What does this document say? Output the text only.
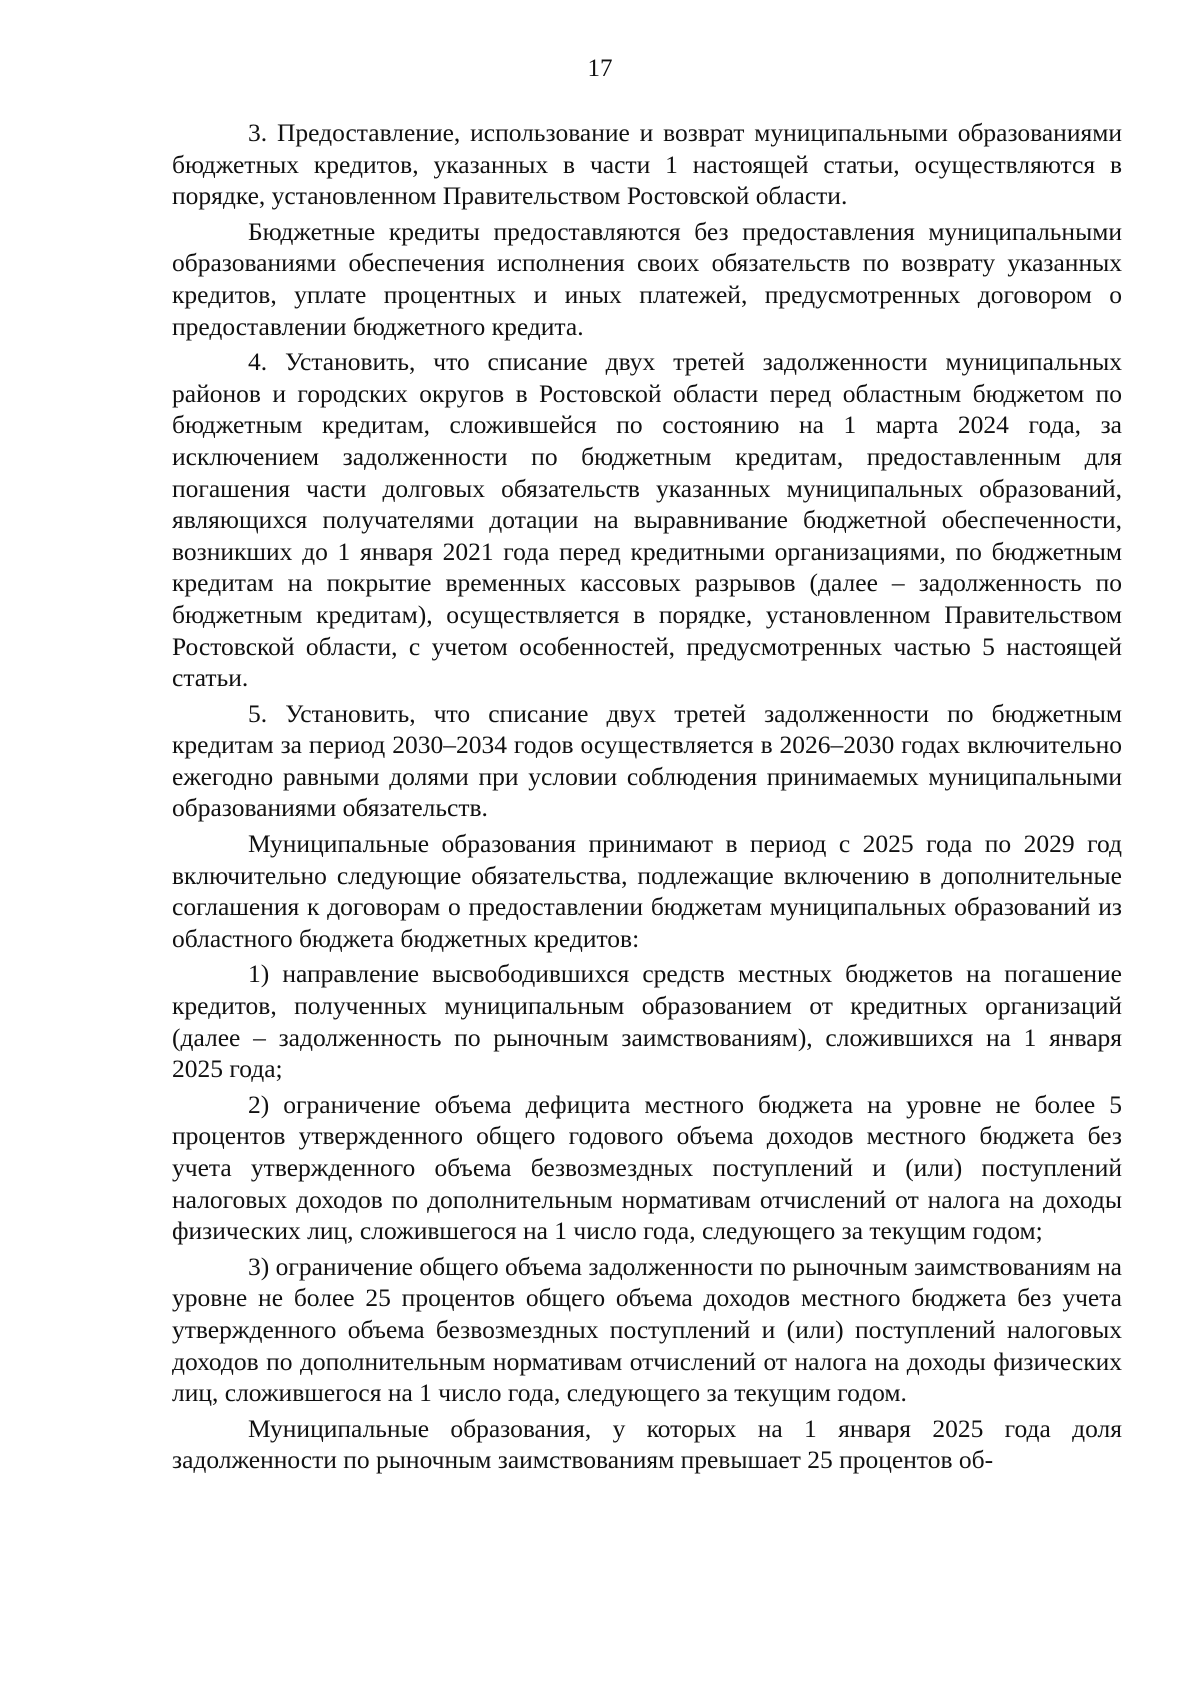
17

3. Предоставление, использование и возврат муниципальными образованиями бюджетных кредитов, указанных в части 1 настоящей статьи, осуществляются в порядке, установленном Правительством Ростовской области.

Бюджетные кредиты предоставляются без предоставления муниципальными образованиями обеспечения исполнения своих обязательств по возврату указанных кредитов, уплате процентных и иных платежей, предусмотренных договором о предоставлении бюджетного кредита.

4. Установить, что списание двух третей задолженности муниципальных районов и городских округов в Ростовской области перед областным бюджетом по бюджетным кредитам, сложившейся по состоянию на 1 марта 2024 года, за исключением задолженности по бюджетным кредитам, предоставленным для погашения части долговых обязательств указанных муниципальных образований, являющихся получателями дотации на выравнивание бюджетной обеспеченности, возникших до 1 января 2021 года перед кредитными организациями, по бюджетным кредитам на покрытие временных кассовых разрывов (далее – задолженность по бюджетным кредитам), осуществляется в порядке, установленном Правительством Ростовской области, с учетом особенностей, предусмотренных частью 5 настоящей статьи.

5. Установить, что списание двух третей задолженности по бюджетным кредитам за период 2030–2034 годов осуществляется в 2026–2030 годах включительно ежегодно равными долями при условии соблюдения принимаемых муниципальными образованиями обязательств.

Муниципальные образования принимают в период с 2025 года по 2029 год включительно следующие обязательства, подлежащие включению в дополнительные соглашения к договорам о предоставлении бюджетам муниципальных образований из областного бюджета бюджетных кредитов:

1) направление высвободившихся средств местных бюджетов на погашение кредитов, полученных муниципальным образованием от кредитных организаций (далее – задолженность по рыночным заимствованиям), сложившихся на 1 января 2025 года;

2) ограничение объема дефицита местного бюджета на уровне не более 5 процентов утвержденного общего годового объема доходов местного бюджета без учета утвержденного объема безвозмездных поступлений и (или) поступлений налоговых доходов по дополнительным нормативам отчислений от налога на доходы физических лиц, сложившегося на 1 число года, следующего за текущим годом;

3) ограничение общего объема задолженности по рыночным заимствованиям на уровне не более 25 процентов общего объема доходов местного бюджета без учета утвержденного объема безвозмездных поступлений и (или) поступлений налоговых доходов по дополнительным нормативам отчислений от налога на доходы физических лиц, сложившегося на 1 число года, следующего за текущим годом.

Муниципальные образования, у которых на 1 января 2025 года доля задолженности по рыночным заимствованиям превышает 25 процентов об-
